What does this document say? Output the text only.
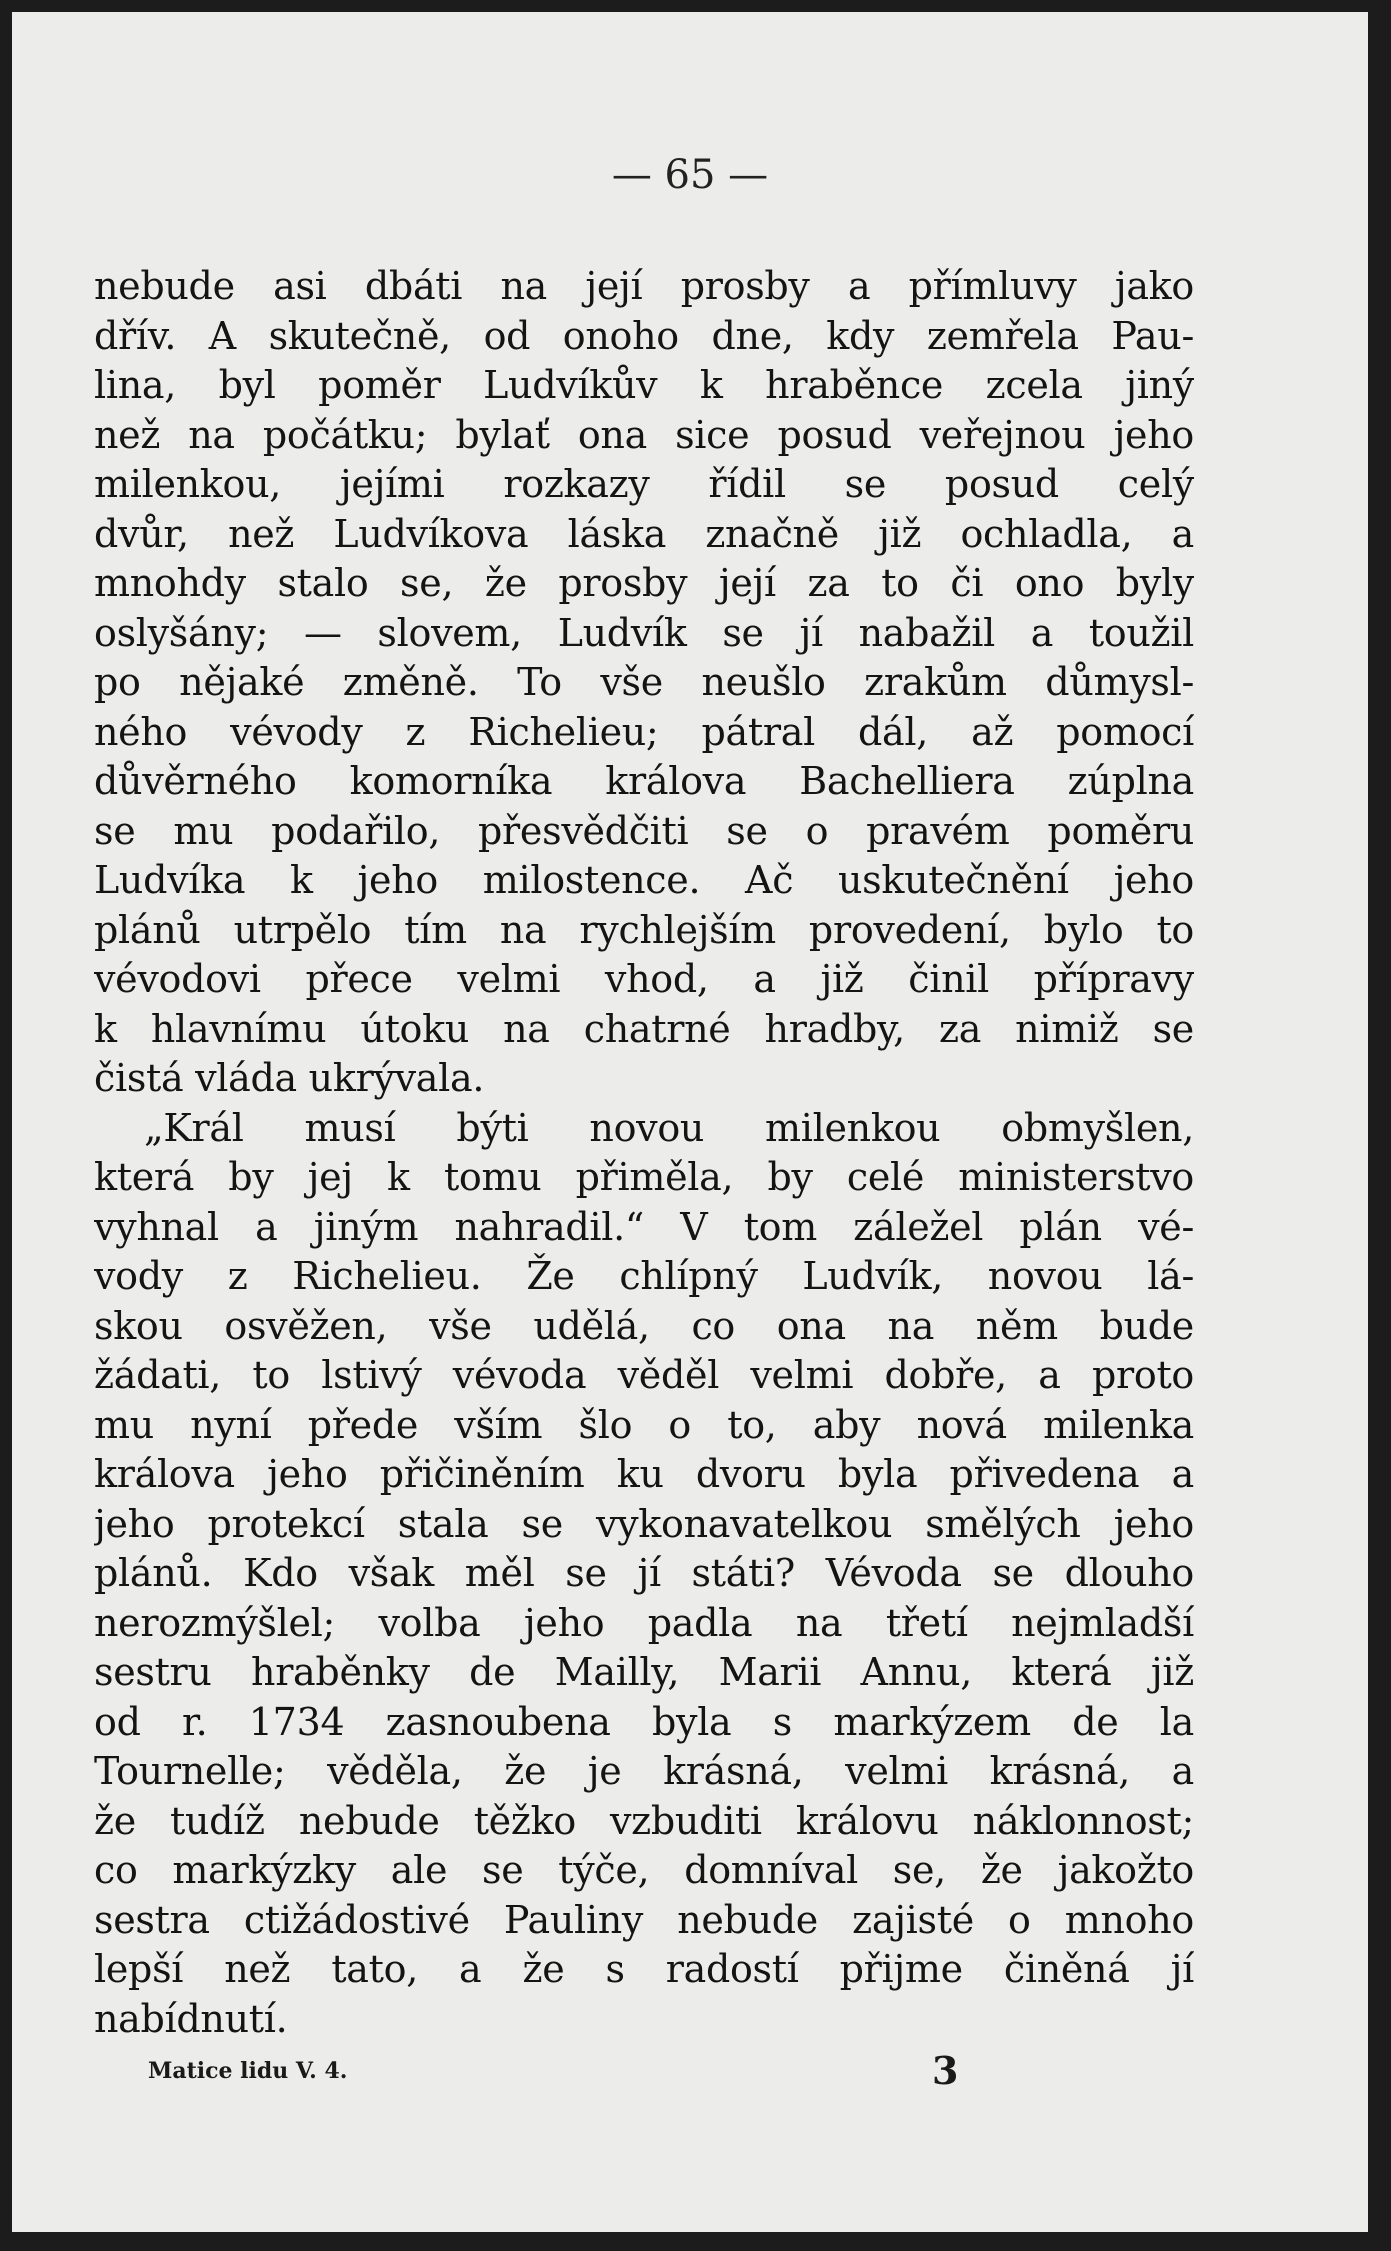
— 65 —
nebude asi dbáti na její prosby a přímluvy jako
dřív. A skutečně, od onoho dne, kdy zemřela Pau-
lina, byl poměr Ludvíkův k hraběnce zcela jiný
než na počátku; bylať ona sice posud veřejnou jeho
milenkou, jejími rozkazy řídil se posud celý
dvůr, než Ludvíkova láska značně již ochladla, a
mnohdy stalo se, že prosby její za to či ono byly
oslyšány; — slovem, Ludvík se jí nabažil a toužil
po nějaké změně. To vše neušlo zrakům důmysl-
ného vévody z Richelieu; pátral dál, až pomocí
důvěrného komorníka králova Bachelliera zúplna
se mu podařilo, přesvědčiti se o pravém poměru
Ludvíka k jeho milostence. Ač uskutečnění jeho
plánů utrpělo tím na rychlejším provedení, bylo to
vévodovi přece velmi vhod, a již činil přípravy
k hlavnímu útoku na chatrné hradby, za nimiž se
čistá vláda ukrývala.
„Král musí býti novou milenkou obmyšlen,
která by jej k tomu přiměla, by celé ministerstvo
vyhnal a jiným nahradil.“ V tom záležel plán vé-
vody z Richelieu. Že chlípný Ludvík, novou lá-
skou osvěžen, vše udělá, co ona na něm bude
žádati, to lstivý vévoda věděl velmi dobře, a proto
mu nyní přede vším šlo o to, aby nová milenka
králova jeho přičiněním ku dvoru byla přivedena a
jeho protekcí stala se vykonavatelkou smělých jeho
plánů. Kdo však měl se jí státi? Vévoda se dlouho
nerozmýšlel; volba jeho padla na třetí nejmladší
sestru hraběnky de Mailly, Marii Annu, která již
od r. 1734 zasnoubena byla s markýzem de la
Tournelle; věděla, že je krásná, velmi krásná, a
že tudíž nebude těžko vzbuditi královu náklonnost;
co markýzky ale se týče, domníval se, že jakožto
sestra ctižádostivé Pauliny nebude zajisté o mnoho
lepší než tato, a že s radostí přijme činěná jí
nabídnutí.
Matice lidu V. 4.	3
